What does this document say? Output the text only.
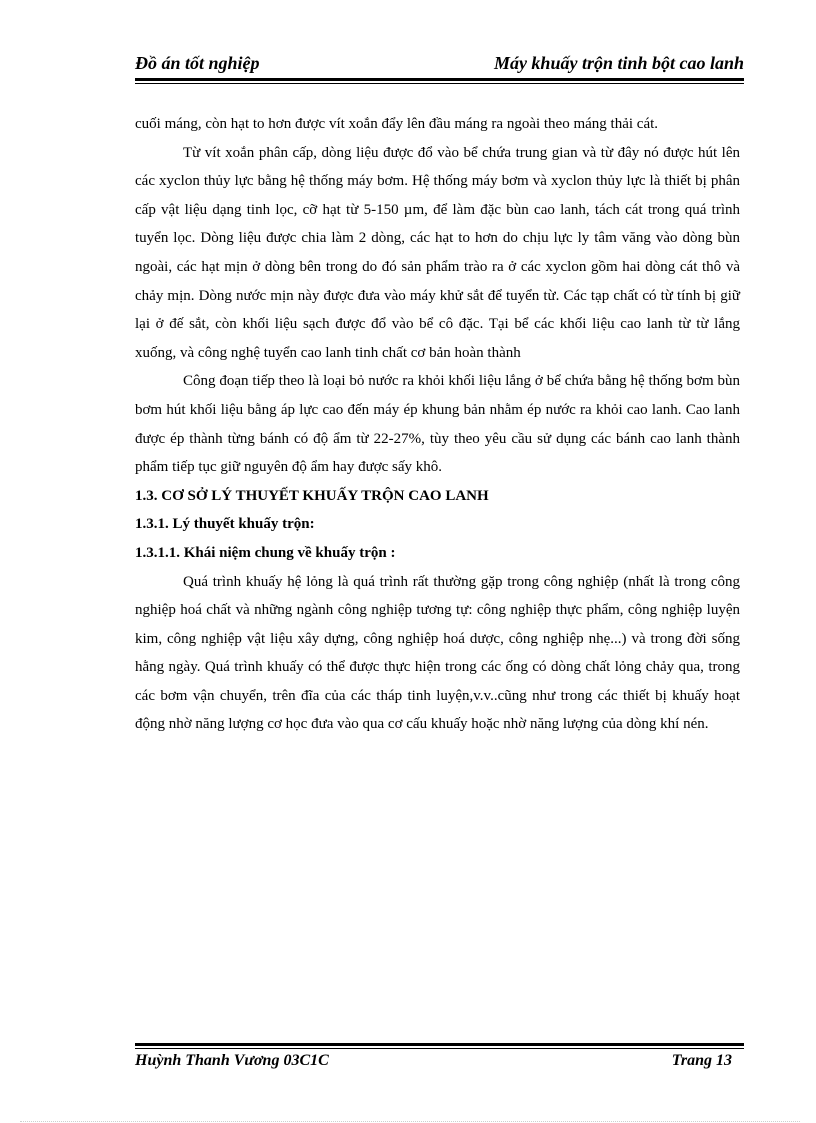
Đồ án tốt nghiệp	Máy khuấy trộn tinh bột cao lanh

cuối máng, còn hạt to hơn được vít xoắn đẩy lên đầu máng ra ngoài theo máng thải cát.

Từ vít xoắn phân cấp, dòng liệu được đổ vào bể chứa trung gian và từ đây nó được hút lên các xyclon thủy lực bằng hệ thống máy bơm. Hệ thống máy bơm và xyclon thủy lực là thiết bị phân cấp vật liệu dạng tinh lọc, cỡ hạt từ 5-150 µm, để làm đặc bùn cao lanh, tách cát trong quá trình tuyển lọc. Dòng liệu được chia làm 2 dòng, các hạt to hơn do chịu lực ly tâm văng vào dòng bùn ngoài, các hạt mịn ở dòng bên trong do đó sản phẩm trào ra ở các xyclon gồm hai dòng cát thô và chảy mịn. Dòng nước mịn này được đưa vào máy khử sắt để tuyển từ. Các tạp chất có từ tính bị giữ lại ở đế sắt, còn khối liệu sạch được đổ vào bể cô đặc. Tại bể các khối liệu cao lanh từ từ lắng xuống, và công nghệ tuyển cao lanh tinh chất cơ bản hoàn thành

Công đoạn tiếp theo là loại bỏ nước ra khỏi khối liệu lắng ở bể chứa bằng hệ thống bơm bùn bơm hút khối liệu bằng áp lực cao đến máy ép khung bản nhằm ép nước ra khỏi cao lanh. Cao lanh được ép thành từng bánh có độ ẩm từ 22-27%, tùy theo yêu cầu sử dụng các bánh cao lanh thành phẩm tiếp tục giữ nguyên độ ẩm hay được sấy khô.

1.3. CƠ SỞ LÝ THUYẾT KHUẤY TRỘN CAO LANH
1.3.1. Lý thuyết khuấy trộn:
1.3.1.1. Khái niệm chung về khuấy trộn :

Quá trình khuấy hệ lỏng là quá trình rất thường gặp trong công nghiệp (nhất là trong công nghiệp hoá chất và những ngành công nghiệp tương tự: công nghiệp thực phẩm, công nghiệp luyện kim, công nghiệp vật liệu xây dựng, công nghiệp hoá dược, công nghiệp nhẹ...) và trong đời sống hằng ngày. Quá trình khuấy có thể được thực hiện trong các ống có dòng chất lỏng chảy qua, trong các bơm vận chuyển, trên đĩa của các tháp tinh luyện,v.v..cũng như trong các thiết bị khuấy hoạt động nhờ năng lượng cơ học đưa vào qua cơ cấu khuấy hoặc nhờ năng lượng của dòng khí nén.

Huỳnh Thanh Vương 03C1C	Trang 13
